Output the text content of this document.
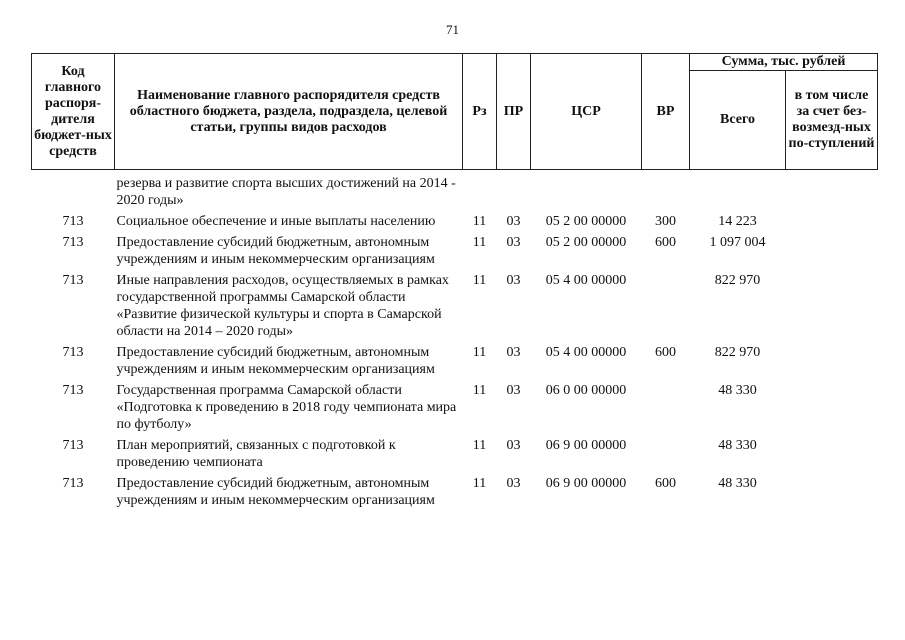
71
Код главного распоря-дителя бюджет-ных средств	Наименование главного распорядителя средств областного бюджета, раздела, подраздела, целевой статьи, группы видов расходов	Рз	ПР	ЦСР	ВР	Сумма, тыс. рублей	
						Всего	в том числе за счет без-возмезд-ных по-ступлений
	резерва и развитие спорта высших достижений на 2014 - 2020 годы»						
713	Социальное обеспечение и иные выплаты населению	11	03	05 2 00 00000	300	14 223	
713	Предоставление субсидий бюджетным, автономным учреждениям и иным некоммерческим организациям	11	03	05 2 00 00000	600	1 097 004	
713	Иные направления расходов, осуществляемых в рамках государственной программы Самарской области «Развитие физической культуры и спорта в Самарской области на 2014 – 2020 годы»	11	03	05 4 00 00000		822 970	
713	Предоставление субсидий бюджетным, автономным учреждениям и иным некоммерческим организациям	11	03	05 4 00 00000	600	822 970	
713	Государственная программа Самарской области «Подготовка к проведению в 2018 году чемпионата мира по футболу»	11	03	06 0 00 00000		48 330	
713	План мероприятий, связанных с подготовкой к проведению чемпионата	11	03	06 9 00 00000		48 330	
713	Предоставление субсидий бюджетным, автономным учреждениям и иным некоммерческим организациям	11	03	06 9 00 00000	600	48 330	
